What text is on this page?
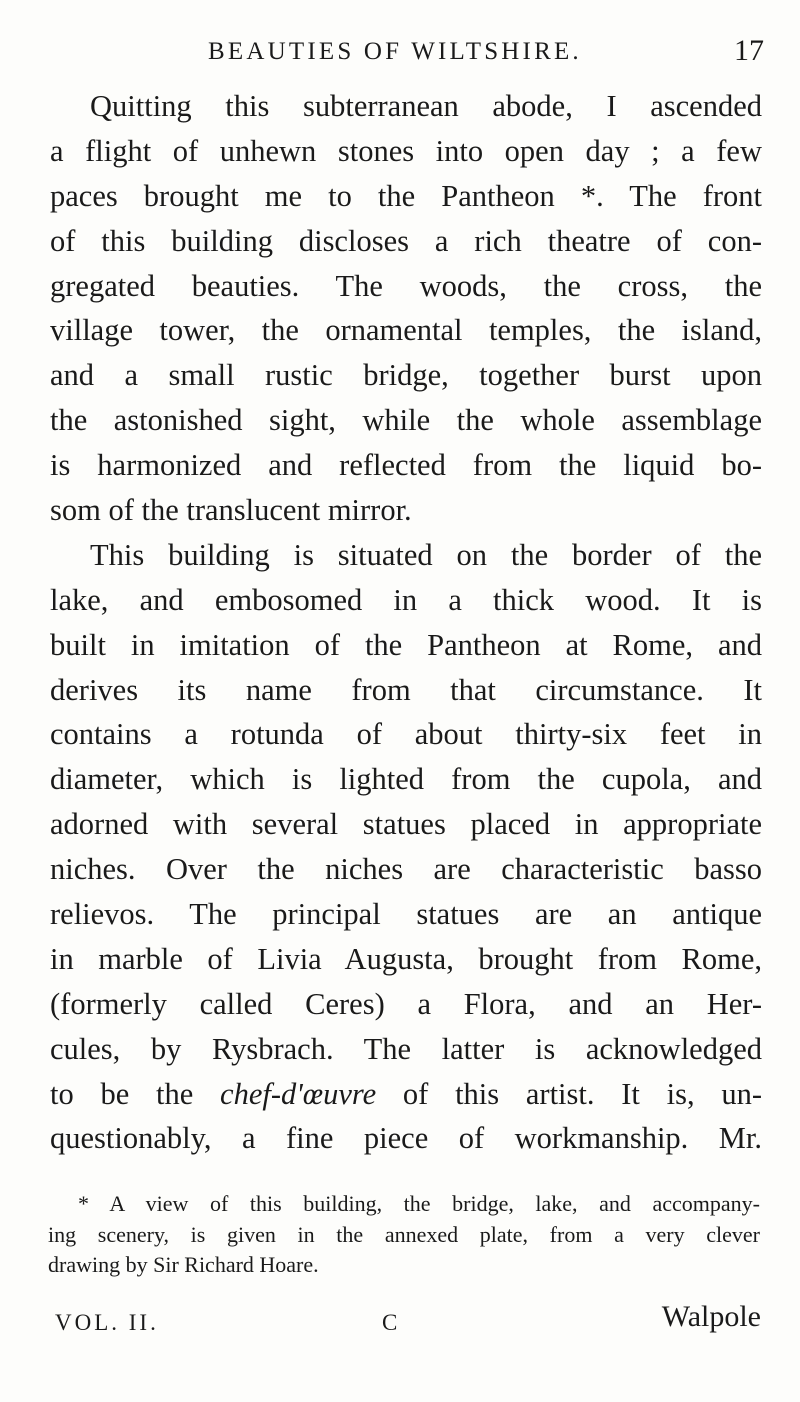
BEAUTIES OF WILTSHIRE.	17
Quitting this subterranean abode, I ascended
a flight of unhewn stones into open day ; a few
paces brought me to the Pantheon *. The front
of this building discloses a rich theatre of con-
gregated beauties. The woods, the cross, the
village tower, the ornamental temples, the island,
and a small rustic bridge, together burst upon
the astonished sight, while the whole assemblage
is harmonized and reflected from the liquid bo-
som of the translucent mirror.
This building is situated on the border of the
lake, and embosomed in a thick wood. It is
built in imitation of the Pantheon at Rome, and
derives its name from that circumstance. It
contains a rotunda of about thirty-six feet in
diameter, which is lighted from the cupola, and
adorned with several statues placed in appropriate
niches. Over the niches are characteristic basso
relievos. The principal statues are an antique
in marble of Livia Augusta, brought from Rome,
(formerly called Ceres) a Flora, and an Her-
cules, by Rysbrach. The latter is acknowledged
to be the chef-d'œuvre of this artist. It is, un-
questionably, a fine piece of workmanship. Mr.
* A view of this building, the bridge, lake, and accompany-
ing scenery, is given in the annexed plate, from a very clever
drawing by Sir Richard Hoare.
VOL. II.	C	Walpole
